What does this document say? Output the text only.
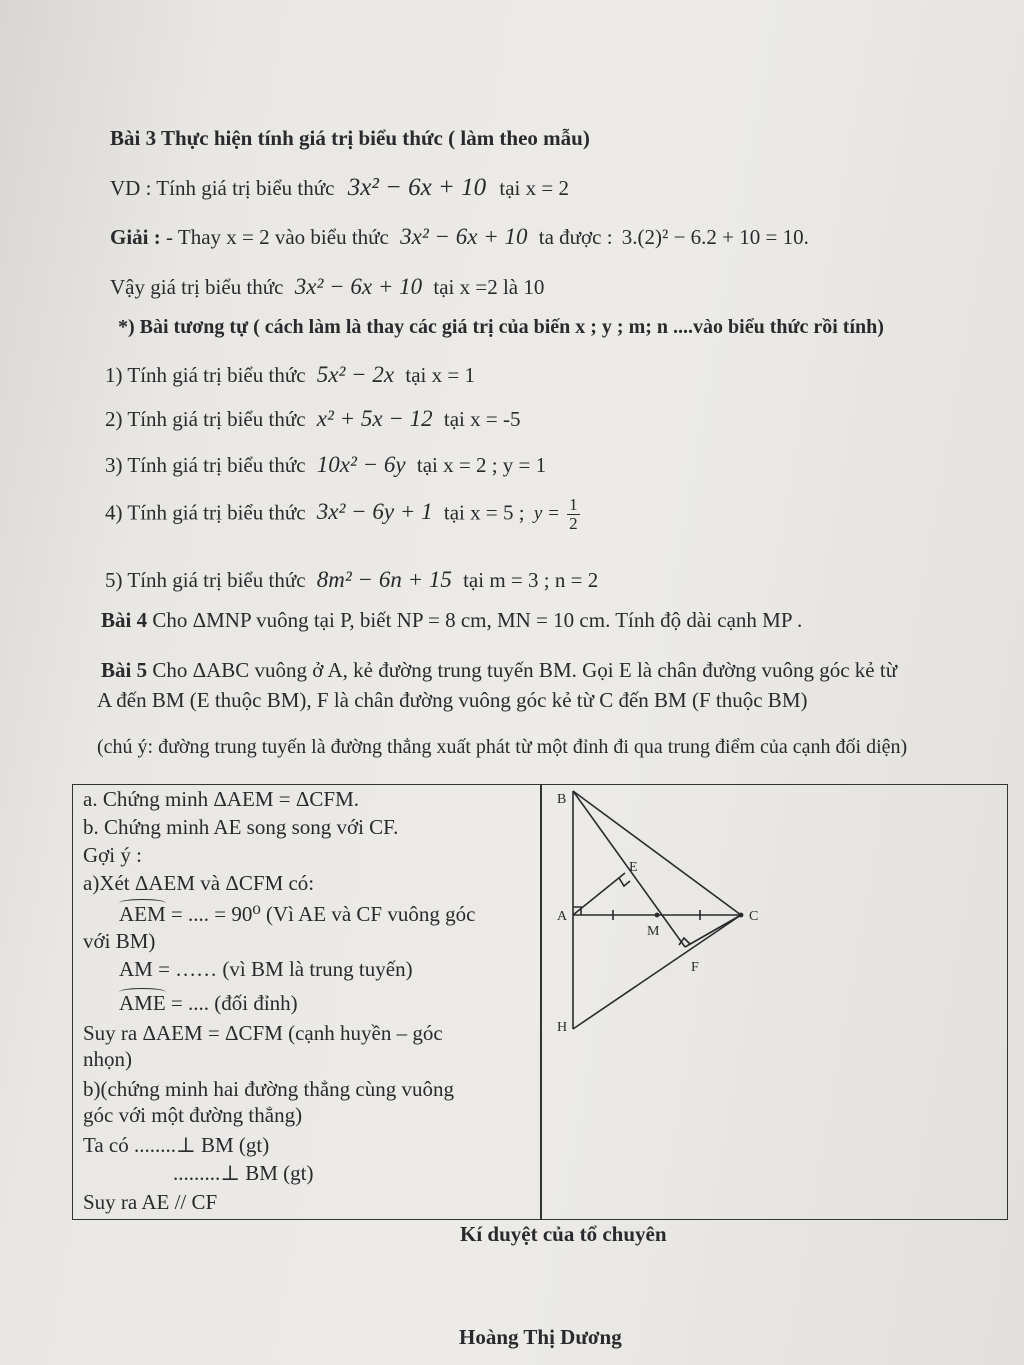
Bài 3 Thực hiện tính giá trị biểu thức ( làm theo mẫu)
VD : Tính giá trị biểu thức 3x² − 6x + 10 tại x = 2
Giải : - Thay x = 2 vào biểu thức 3x² − 6x + 10 ta được : 3.(2)² − 6.2 + 10 = 10.
Vậy giá trị biểu thức 3x² − 6x + 10 tại x =2 là 10
*) Bài tương tự ( cách làm là thay các giá trị của biến x ; y ; m; n ....vào biểu thức rồi tính)
1) Tính giá trị biểu thức 5x² − 2x tại x = 1
2) Tính giá trị biểu thức x² + 5x − 12 tại x = -5
3) Tính giá trị biểu thức 10x² − 6y tại x = 2 ; y = 1
4) Tính giá trị biểu thức 3x² − 6y + 1 tại x = 5 ; $y = \frac{1}{2}$
5) Tính giá trị biểu thức 8m² − 6n + 15 tại m = 3 ; n = 2
Bài 4 Cho ΔMNP vuông tại P, biết NP = 8 cm, MN = 10 cm. Tính độ dài cạnh MP .
Bài 5 Cho ΔABC vuông ở A, kẻ đường trung tuyến BM. Gọi E là chân đường vuông góc kẻ từ
A đến BM (E thuộc BM), F là chân đường vuông góc kẻ từ C đến BM (F thuộc BM)
(chú ý: đường trung tuyến là đường thẳng xuất phát từ một đỉnh đi qua trung điểm của cạnh đối diện)
a. Chứng minh ΔAEM = ΔCFM.
b. Chứng minh AE song song với CF.
Gợi ý :
a)Xét ΔAEM và ΔCFM có:
AEM = .... = 90⁰ (Vì AE và CF vuông góc
với BM)
AM = …… (vì BM là trung tuyến)
AME = .... (đối đỉnh)
Suy ra ΔAEM = ΔCFM (cạnh huyền – góc
nhọn)
b)(chứng minh hai đường thẳng cùng vuông
góc với một đường thẳng)
Ta có ........⊥ BM (gt)
.........⊥ BM (gt)
Suy ra AE // CF
B
A	C
E
M
F
H
Kí duyệt của tổ chuyên
Hoàng Thị Dương
